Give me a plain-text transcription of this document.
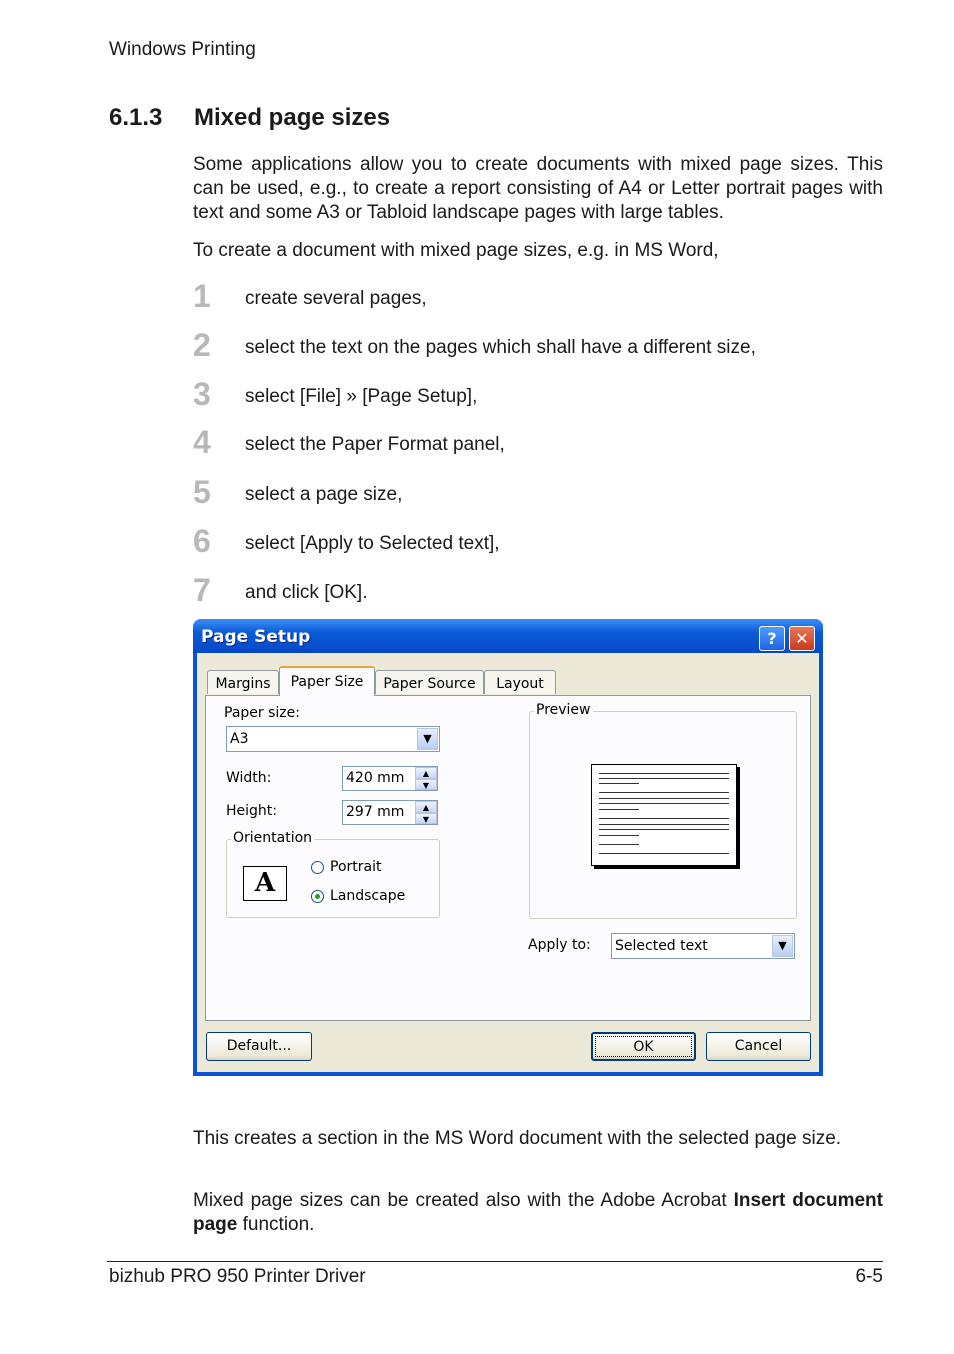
Windows Printing
6.1.3 Mixed page sizes
Some applications allow you to create documents with mixed page sizes. This can be used, e.g., to create a report consisting of A4 or Letter portrait pages with text and some A3 or Tabloid landscape pages with large tables.
To create a document with mixed page sizes, e.g. in MS Word,
1	create several pages,
2	select the text on the pages which shall have a different size,
3	select [File] » [Page Setup],
4	select the Paper Format panel,
5	select a page size,
6	select [Apply to Selected text],
7	and click [OK].
Page Setup	?	✕
Margins	Paper Size	Paper Source	Layout
Paper size:
A3	▼
Width:	420 mm	▲
▼
Height:	297 mm	▲
▼
Orientation
A
Portrait
Landscape
Preview
Apply to: Selected text	▼
Default...	OK	Cancel
This creates a section in the MS Word document with the selected page size.
Mixed page sizes can be created also with the Adobe Acrobat Insert document page function.
bizhub PRO 950 Printer Driver	6-5
